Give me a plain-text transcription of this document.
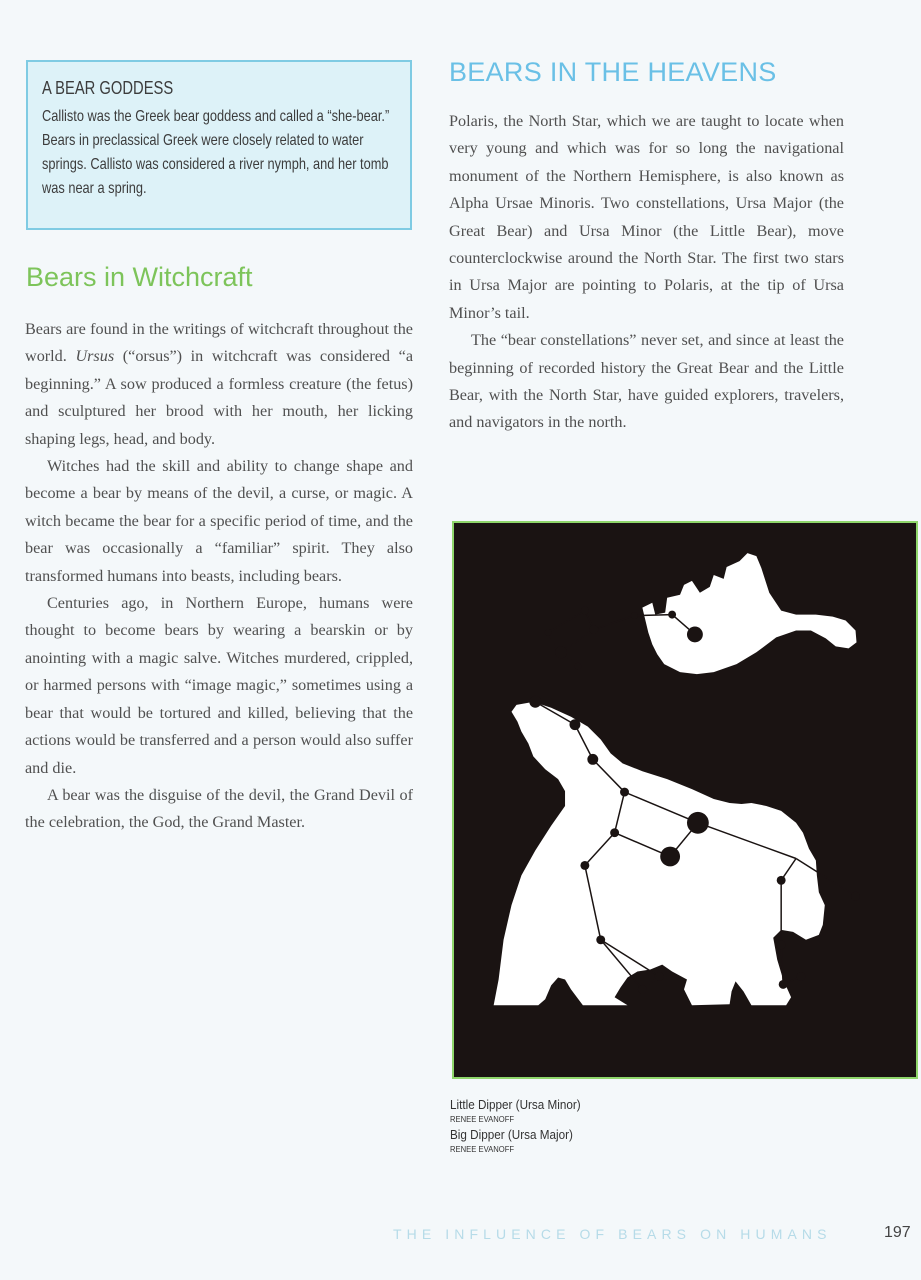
A BEAR GODDESS
Callisto was the Greek bear goddess and called a “she-bear.” Bears in preclassical Greek were closely related to water springs. Callisto was considered a river nymph, and her tomb was near a spring.
Bears in Witchcraft

Bears are found in the writings of witchcraft throughout the world. Ursus (“orsus”) in witchcraft was considered “a beginning.” A sow produced a formless creature (the fetus) and sculptured her brood with her mouth, her licking shaping legs, head, and body.

Witches had the skill and ability to change shape and become a bear by means of the devil, a curse, or magic. A witch became the bear for a specific period of time, and the bear was occasionally a “familiar” spirit. They also transformed humans into beasts, including bears.

Centuries ago, in Northern Europe, humans were thought to become bears by wearing a bearskin or by anointing with a magic salve. Witches murdered, crippled, or harmed persons with “image magic,” sometimes using a bear that would be tortured and killed, believing that the actions would be transferred and a person would also suffer and die.

A bear was the disguise of the devil, the Grand Devil of the celebration, the God, the Grand Master.

BEARS IN THE HEAVENS

Polaris, the North Star, which we are taught to locate when very young and which was for so long the navigational monument of the Northern Hemisphere, is also known as Alpha Ursae Minoris. Two constellations, Ursa Major (the Great Bear) and Ursa Minor (the Little Bear), move counterclockwise around the North Star. The first two stars in Ursa Major are pointing to Polaris, at the tip of Ursa Minor’s tail.

The “bear constellations” never set, and since at least the beginning of recorded history the Great Bear and the Little Bear, with the North Star, have guided explorers, travelers, and navigators in the north.

Little Dipper (Ursa Minor)
RENEE EVANOFF
Big Dipper (Ursa Major)
RENEE EVANOFF
THE INFLUENCE OF BEARS ON HUMANS	197
